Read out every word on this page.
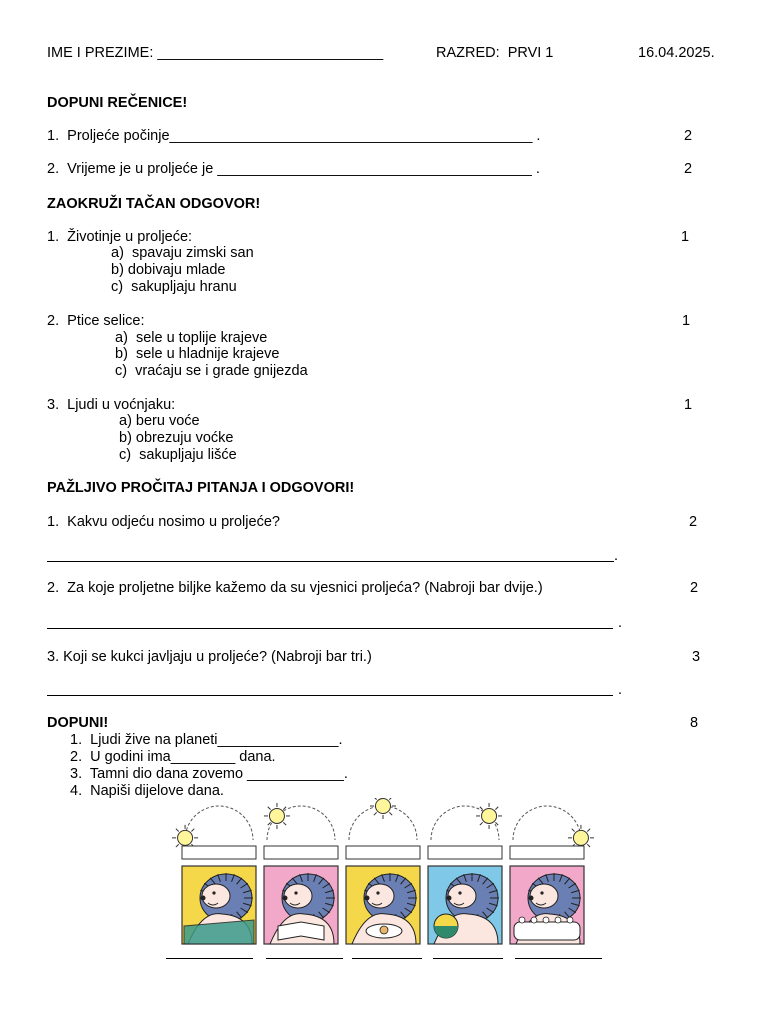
IME I PREZIME: ____________________________	RAZRED:  PRVI 1	16.04.2025.
DOPUNI REČENICE!
1.  Proljeće počinje_____________________________________________ .	2
2.  Vrijeme je u proljeće je _______________________________________ .	2
ZAOKRUŽI TAČAN ODGOVOR!
1.  Životinje u proljeće:	1
a)  spavaju zimski san
b) dobivaju mlade
c)  sakupljaju hranu
2.  Ptice selice:	1
a)  sele u toplije krajeve
b)  sele u hladnije krajeve
c)  vraćaju se i grade gnijezda
3.  Ljudi u voćnjaku:	1
a) beru voće
b) obrezuju voćke
c)  sakupljaju lišće
PAŽLJIVO PROČITAJ PITANJA I ODGOVORI!
1.  Kakvu odjeću nosimo u proljeće?	2
.
2.  Za koje proljetne biljke kažemo da su vjesnici proljeća? (Nabroji bar dvije.)	2
.
3. Koji se kukci javljaju u proljeće? (Nabroji bar tri.)	3
.
DOPUNI!	8
1.  Ljudi žive na planeti_______________.
2.  U godini ima________ dana.
3.  Tamni dio dana zovemo ____________.
4.  Napiši dijelove dana.
